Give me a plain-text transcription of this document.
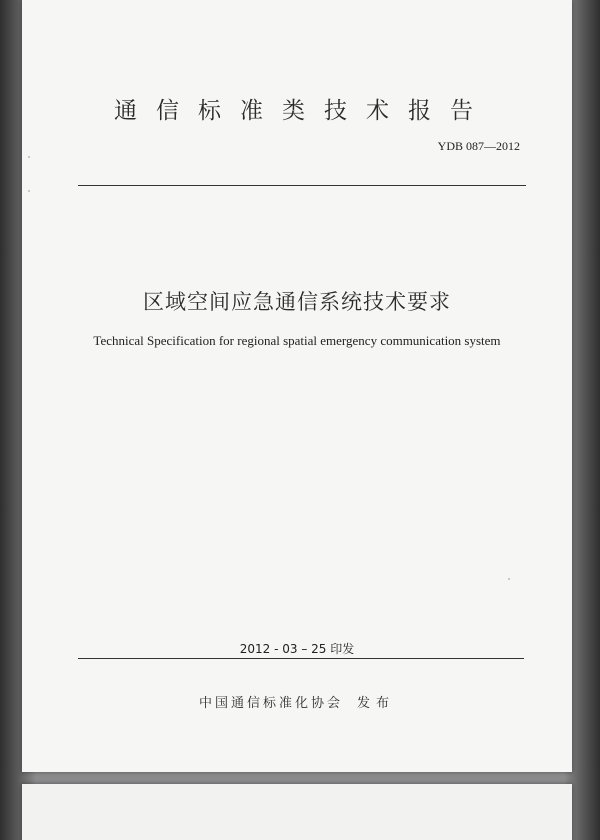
通信标准类技术报告
YDB 087—2012
区域空间应急通信系统技术要求
Technical Specification for regional spatial emergency communication system
2012 - 03 – 25 印发
中国通信标准化协会 发布
